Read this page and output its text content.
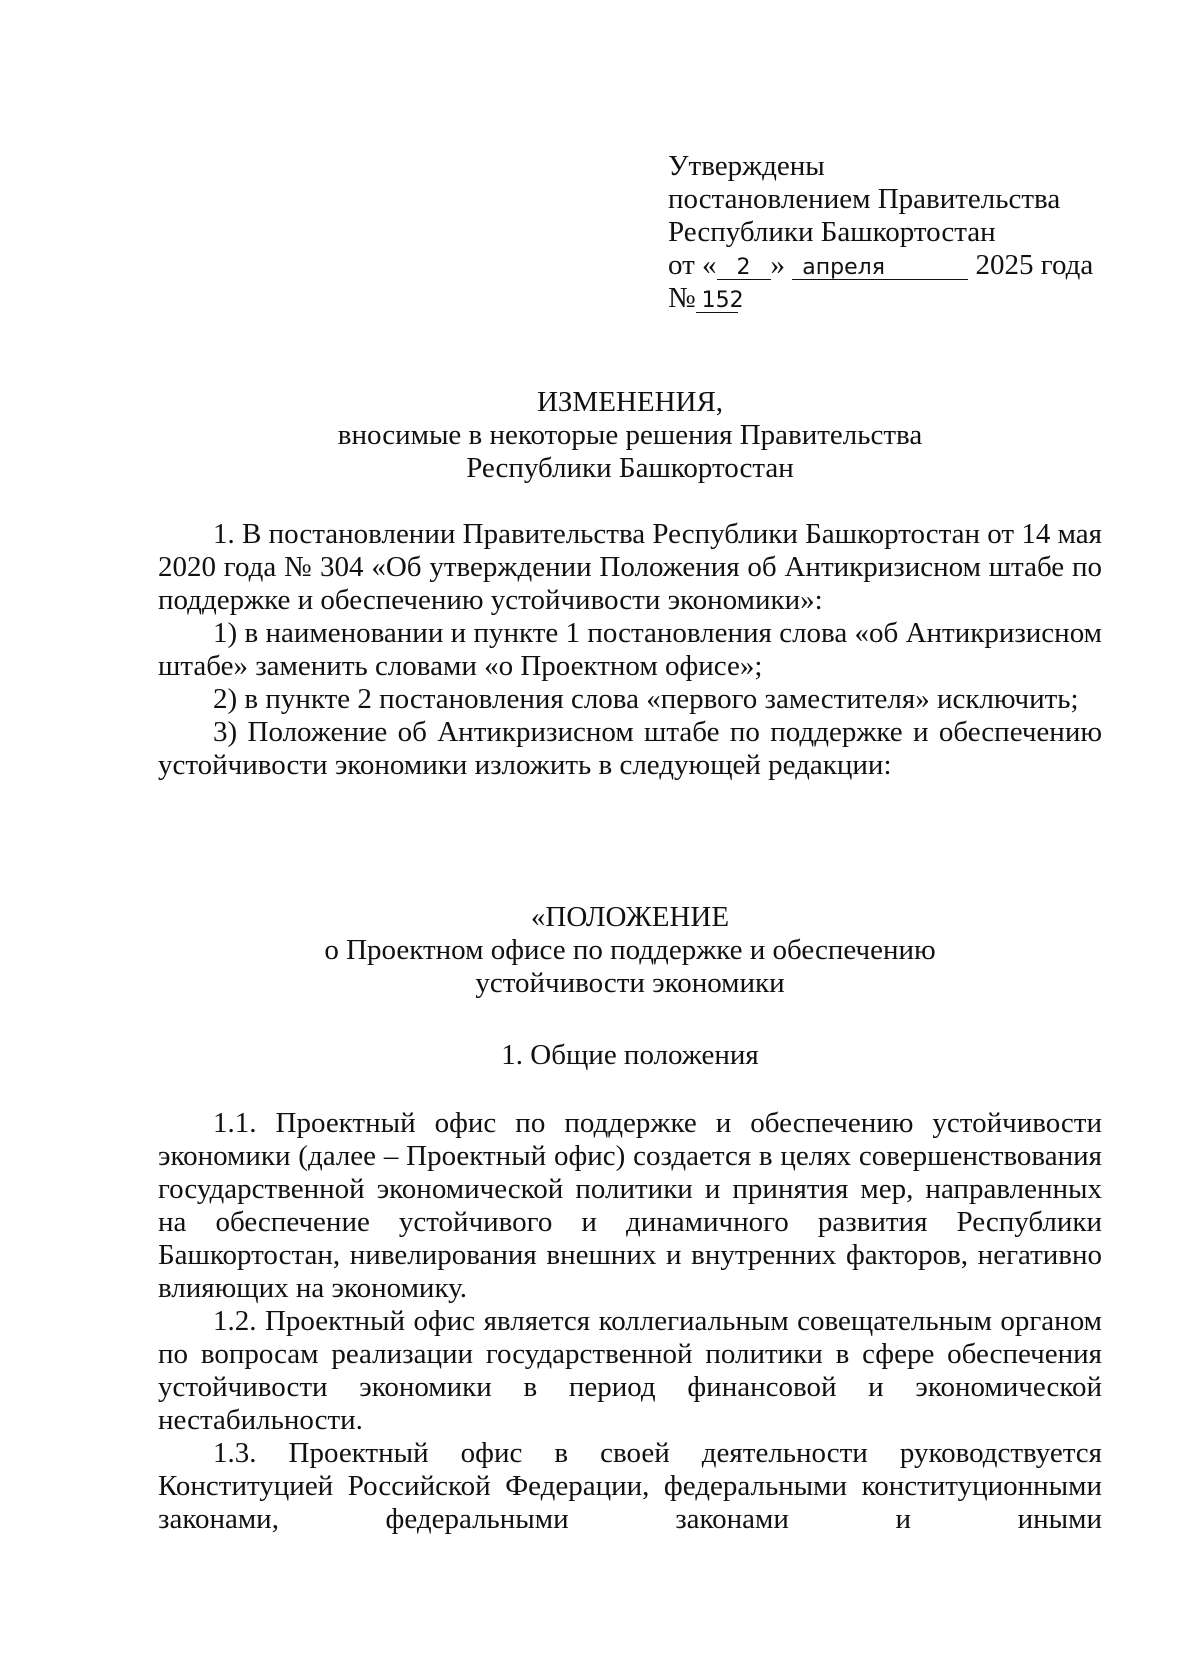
Утверждены
постановлением Правительства
Республики Башкортостан
от « 2 » апреля	2025 года
№ 152
ИЗМЕНЕНИЯ,
вносимые в некоторые решения Правительства
Республики Башкортостан

1. В постановлении Правительства Республики Башкортостан от 14 мая 2020 года № 304 «Об утверждении Положения об Антикризисном штабе по поддержке и обеспечению устойчивости экономики»:

1) в наименовании и пункте 1 постановления слова «об Антикризисном штабе» заменить словами «о Проектном офисе»;

2) в пункте 2 постановления слова «первого заместителя» исключить;

3) Положение об Антикризисном штабе по поддержке и обеспечению устойчивости экономики изложить в следующей редакции:

«ПОЛОЖЕНИЕ
о Проектном офисе по поддержке и обеспечению
устойчивости экономики
1. Общие положения

1.1. Проектный офис по поддержке и обеспечению устойчивости экономики (далее – Проектный офис) создается в целях совершенствования государственной экономической политики и принятия мер, направленных на обеспечение устойчивого и динамичного развития Республики Башкортостан, нивелирования внешних и внутренних факторов, негативно влияющих на экономику.

1.2. Проектный офис является коллегиальным совещательным органом по вопросам реализации государственной политики в сфере обеспечения устойчивости экономики в период финансовой и экономической нестабильности.

1.3. Проектный офис в своей деятельности руководствуется Конституцией Российской Федерации, федеральными конституционными законами, федеральными законами и иными
